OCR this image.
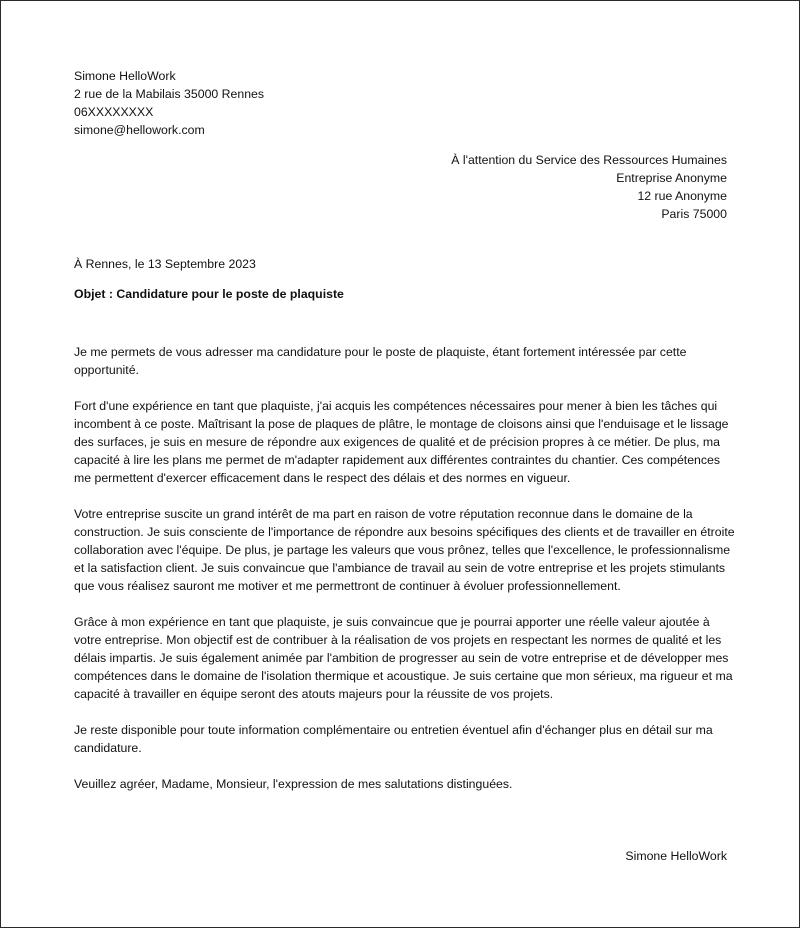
Simone HelloWork
2 rue de la Mabilais 35000 Rennes
06XXXXXXXX
simone@hellowork.com
À l'attention du Service des Ressources Humaines
Entreprise Anonyme
12 rue Anonyme
Paris 75000
À Rennes, le 13 Septembre 2023
Objet : Candidature pour le poste de plaquiste

Je me permets de vous adresser ma candidature pour le poste de plaquiste, étant fortement intéressée par cette opportunité.

Fort d'une expérience en tant que plaquiste, j'ai acquis les compétences nécessaires pour mener à bien les tâches qui incombent à ce poste. Maîtrisant la pose de plaques de plâtre, le montage de cloisons ainsi que l'enduisage et le lissage des surfaces, je suis en mesure de répondre aux exigences de qualité et de précision propres à ce métier. De plus, ma capacité à lire les plans me permet de m'adapter rapidement aux différentes contraintes du chantier. Ces compétences me permettent d'exercer efficacement dans le respect des délais et des normes en vigueur.

Votre entreprise suscite un grand intérêt de ma part en raison de votre réputation reconnue dans le domaine de la construction. Je suis consciente de l'importance de répondre aux besoins spécifiques des clients et de travailler en étroite collaboration avec l'équipe. De plus, je partage les valeurs que vous prônez, telles que l'excellence, le professionnalisme et la satisfaction client. Je suis convaincue que l'ambiance de travail au sein de votre entreprise et les projets stimulants que vous réalisez sauront me motiver et me permettront de continuer à évoluer professionnellement.

Grâce à mon expérience en tant que plaquiste, je suis convaincue que je pourrai apporter une réelle valeur ajoutée à votre entreprise. Mon objectif est de contribuer à la réalisation de vos projets en respectant les normes de qualité et les délais impartis. Je suis également animée par l'ambition de progresser au sein de votre entreprise et de développer mes compétences dans le domaine de l'isolation thermique et acoustique. Je suis certaine que mon sérieux, ma rigueur et ma capacité à travailler en équipe seront des atouts majeurs pour la réussite de vos projets.

Je reste disponible pour toute information complémentaire ou entretien éventuel afin d'échanger plus en détail sur ma candidature.

Veuillez agréer, Madame, Monsieur, l'expression de mes salutations distinguées.

Simone HelloWork
